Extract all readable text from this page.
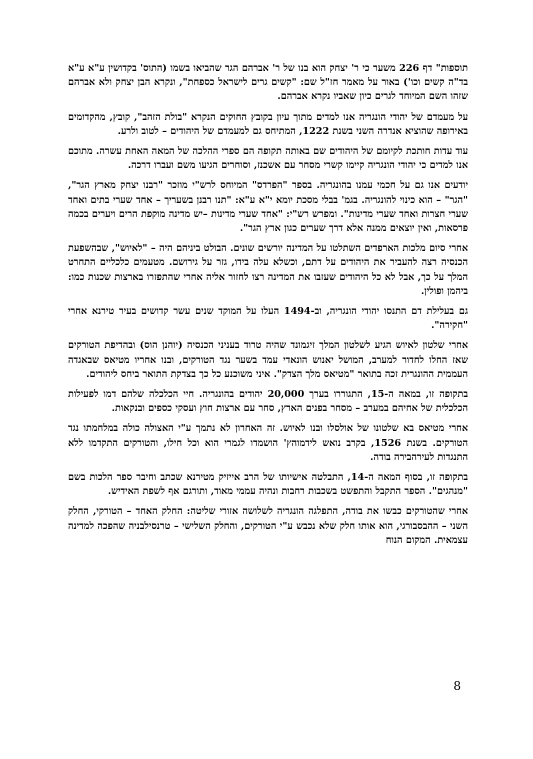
תוספות" דף 226 משער כי ר' יצחק הוא בנו של ר' אברהם הגר שהביאו בשמו (התוס' בקדושין ע"א ע"א בד"ה קשים וכו') באור על מאמר חז"ל שם: "קשים גרים לישראל כספחת", ונקרא הבן יצחק ולא אברהם שזהו השם המיוחד לגרים כיון שאביו נקרא אברהם.

על מעמדם של יהודי הונגריה אנו למדים מתוך עיון בקובץ החוקים הנקרא "בולת הזהב", קובץ, מהקדומים באירופה שהוציא אנדרה השני בשנת 1222, המתיחס גם למעמדם של היהודים – לטוב ולרע.

עוד עדות חותכת לקיומם של היהודים שם באותה תקופה הם ספרי ההלכה של המאה האחת עשרה. מתוכם אנו למדים כי יהודי הונגריה קיימו קשרי מסחר עם אשכנז, וסוחרים הגיעו משם ועברו דרכה.

יודעים אנו גם על חכמי עמנו בהונגריה. בספר "הפרדס" המיוחס לרש"י מוזכר "רבנו יצחק מארץ הגר", "הגר" – הוא כינוי להונגריה. בגמ' בבלי מסכת יומא י"א ע"א: "תנו רבנן בשעריך – אחד שערי בתים ואחד שערי חצרות ואחד שערי מדינות". ומפרש רש"י: "אחד שערי מדינות –יש מדינה מוקפת הרים ויערים בכמה פרסאות, ואין יוצאים ממנה אלא דרך שערים כגון ארץ הגר".

אחרי סיום מלכות הארפדים השתלטו על המדינה יורשים שונים. הבולט ביניהם היה – "לאיוש", שבהשפעת הכנסיה רצה להעביר את היהודים על דתם, וכשלא עלה בידו, גזר על גירושם. מטעמים כלכליים התחרט המלך על כך, אבל לא כל היהודים שעזבו את המדינה רצו לחזור אליה אחרי שהתפזרו בארצות שכנות כמו: ביהמן ופולין.

גם בעלילת דם התנסו יהודי הונגריה, וב-1494 העלו על המוקד שנים עשר קדושים בעיר טירנא אחרי "חקירה".

אחרי שלטון לאיוש הגיע לשלטון המלך זיגמונד שהיה טרוד בעניני הכנסיה (יוהנן הוס) ובהדיפת הטורקים שאז החלו לחדור למערב, המושל יאנוש הונאדי עמד בשער נגד הטורקים, ובנו אחריו מטיאס שבאגדה העממית ההונגרית זכה בתואר "מטיאס מלך הצדק". איני משוכנע כל כך בצדקת התואר ביחס ליהודים.

בתקופה זו, במאה ה-15, התגוררו בערך 20,000 יהודים בהונגריה. חיי הכלכלה שלהם דמו לפעילות הכלכלית של אחיהם במערב – מסחר בפנים הארץ, סחר עם ארצות חוץ ועסקי כספים ובנקאות.

אחרי מטיאס בא שלטונו של אולסלו ובנו לאיוש. זה האחרון לא נתמך ע"י האצולה כולה במלחמתו נגד הטורקים. בשנת 1526, בקרב נואש לידמוהץ' הושמדו לגמרי הוא וכל חילו, והטורקים התקדמו ללא התנגדות לעירהבירה בודה.

בתקופה זו, בסוף המאה ה-14, התבלטה אישיותו של הרב אייזיק מטירנא שכתב וחיבר ספר הלכות בשם "מנהגים". הספר התקבל והתפשט בשכבות רחבות ונהיה עממי מאוד, ותורגם אף לשפת האידיש.

אחרי שהטורקים כבשו את בודה, התפלגה הונגריה לשלושה אזורי שליטה: החלק האחד – הטורקי, החלק השני – ההבסבורגי, הוא אותו חלק שלא נכבש ע"י הטורקים, והחלק השלישי – טרנסילבניה שהפכה למדינה עצמאית. המקום הנוח

8
